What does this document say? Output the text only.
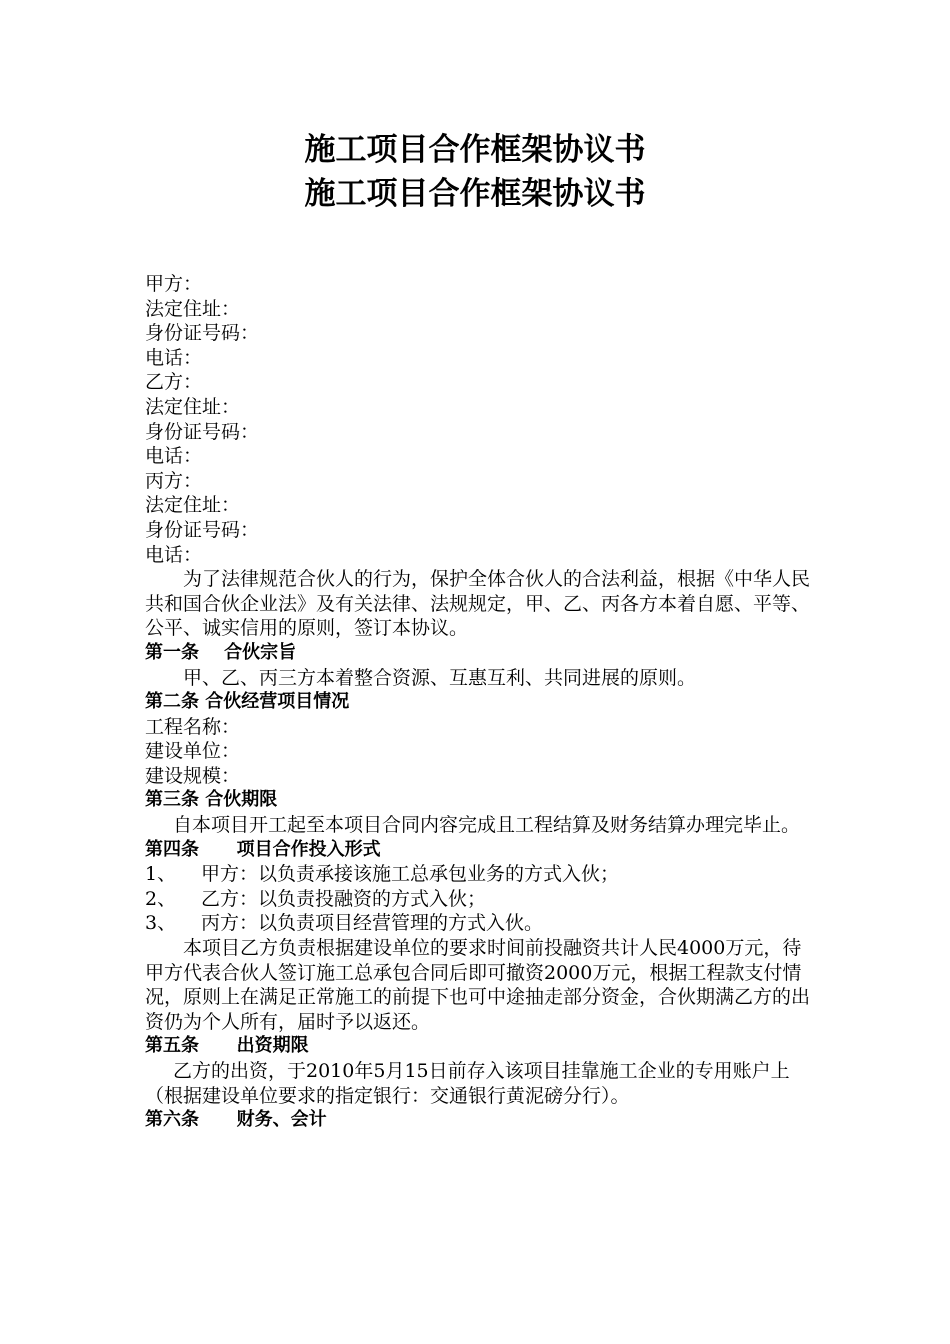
施工项目合作框架协议书
施工项目合作框架协议书
甲方：
法定住址：
身份证号码：
电话：
乙方：
法定住址：
身份证号码：
电话：
丙方：
法定住址：
身份证号码：
电话：

为了法律规范合伙人的行为，保护全体合伙人的合法利益，根据《中华人民共和国合伙企业法》及有关法律、法规规定，甲、乙、丙各方本着自愿、平等、公平、诚实信用的原则，签订本协议。

第一条    合伙宗旨

甲、乙、丙三方本着整合资源、互惠互利、共同进展的原则。

第二条 合伙经营项目情况
工程名称：
建设单位：
建设规模：
第三条 合伙期限

自本项目开工起至本项目合同内容完成且工程结算及财务结算办理完毕止。

第四条      项目合作投入形式
1、 甲方：以负责承接该施工总承包业务的方式入伙；
2、 乙方：以负责投融资的方式入伙；
3、 丙方：以负责项目经营管理的方式入伙。

本项目乙方负责根据建设单位的要求时间前投融资共计人民4000万元，待甲方代表合伙人签订施工总承包合同后即可撤资2000万元，根据工程款支付情况，原则上在满足正常施工的前提下也可中途抽走部分资金，合伙期满乙方的出资仍为个人所有，届时予以返还。

第五条      出资期限

乙方的出资，于2010年5月15日前存入该项目挂靠施工企业的专用账户上（根据建设单位要求的指定银行：交通银行黄泥磅分行）。

第六条      财务、会计
